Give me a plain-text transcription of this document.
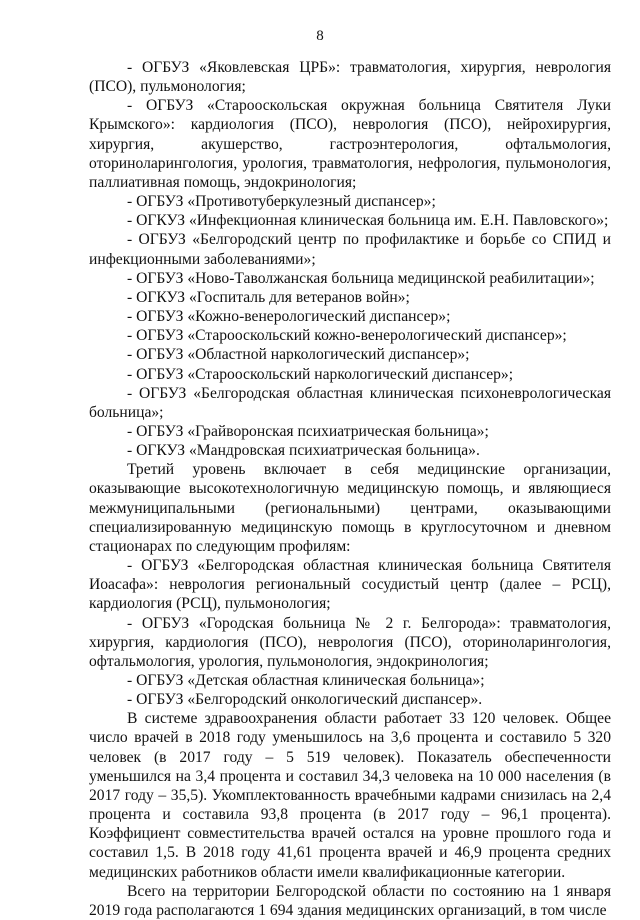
8

- ОГБУЗ «Яковлевская ЦРБ»: травматология, хирургия, неврология (ПСО), пульмонология;

- ОГБУЗ «Старооскольская окружная больница Святителя Луки Крымского»: кардиология (ПСО), неврология (ПСО), нейрохирургия, хирургия, акушерство, гастроэнтерология, офтальмология, оториноларингология, урология, травматология, нефрология, пульмонология, паллиативная помощь, эндокринология;

- ОГБУЗ «Противотуберкулезный диспансер»;

- ОГКУЗ «Инфекционная клиническая больница им. Е.Н. Павловского»;

- ОГБУЗ «Белгородский центр по профилактике и борьбе со СПИД и инфекционными заболеваниями»;

- ОГБУЗ «Ново-Таволжанская больница медицинской реабилитации»;

- ОГКУЗ «Госпиталь для ветеранов войн»;

- ОГБУЗ «Кожно-венерологический диспансер»;

- ОГБУЗ «Старооскольский кожно-венерологический диспансер»;

- ОГБУЗ «Областной наркологический диспансер»;

- ОГБУЗ «Старооскольский наркологический диспансер»;

- ОГБУЗ «Белгородская областная клиническая психоневрологическая больница»;

- ОГБУЗ «Грайворонская психиатрическая больница»;

- ОГКУЗ «Мандровская психиатрическая больница».

Третий уровень включает в себя медицинские организации, оказывающие высокотехнологичную медицинскую помощь, и являющиеся межмуниципальными (региональными) центрами, оказывающими специализированную медицинскую помощь в круглосуточном и дневном стационарах по следующим профилям:

- ОГБУЗ «Белгородская областная клиническая больница Святителя Иоасафа»: неврология региональный сосудистый центр (далее – РСЦ), кардиология (РСЦ), пульмонология;

- ОГБУЗ «Городская больница № 2 г. Белгорода»: травматология, хирургия, кардиология (ПСО), неврология (ПСО), оториноларингология, офтальмология, урология, пульмонология, эндокринология;

- ОГБУЗ «Детская областная клиническая больница»;

- ОГБУЗ «Белгородский онкологический диспансер».

В системе здравоохранения области работает 33 120 человек. Общее число врачей в 2018 году уменьшилось на 3,6 процента и составило 5 320 человек (в 2017 году – 5 519 человек). Показатель обеспеченности уменьшился на 3,4 процента и составил 34,3 человека на 10 000 населения (в 2017 году – 35,5). Укомплектованность врачебными кадрами снизилась на 2,4 процента и составила 93,8 процента (в 2017 году – 96,1 процента). Коэффициент совместительства врачей остался на уровне прошлого года и составил 1,5. В 2018 году 41,61 процента врачей и 46,9 процента средних медицинских работников области имели квалификационные категории.

Всего на территории Белгородской области по состоянию на 1 января 2019 года располагаются 1 694 здания медицинских организаций, в том числе
